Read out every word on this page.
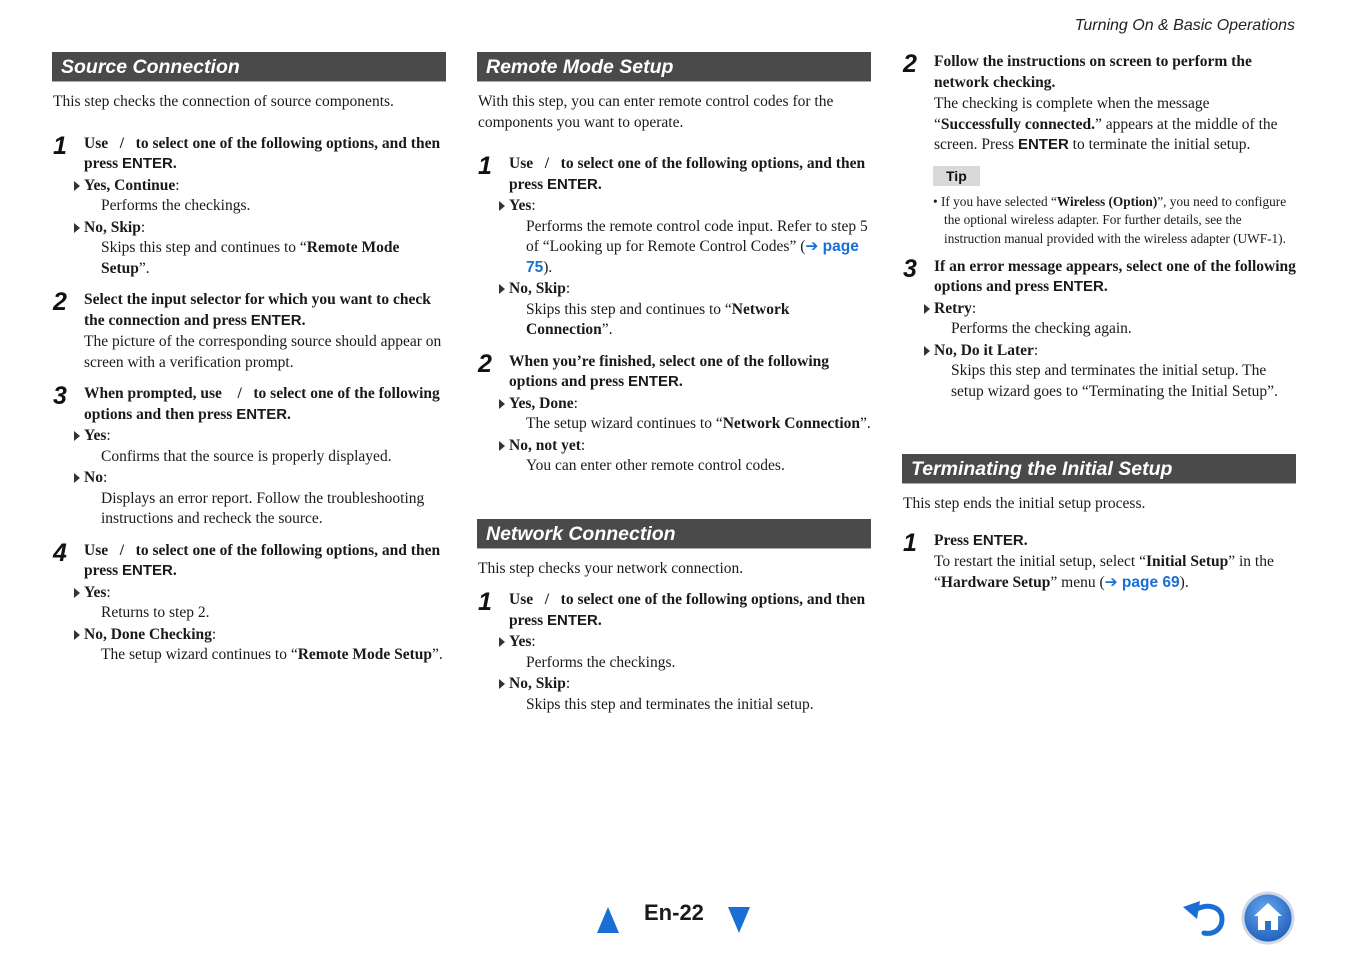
Turning On & Basic Operations
Source Connection
This step checks the connection of source components.
1 Use / to select one of the following options, and then press ENTER.
Yes, Continue:
Performs the checkings.
No, Skip:
Skips this step and continues to “Remote Mode Setup”.
2 Select the input selector for which you want to check the connection and press ENTER.
The picture of the corresponding source should appear on screen with a verification prompt.
3 When prompted, use / to select one of the following options and then press ENTER.
Yes:
Confirms that the source is properly displayed.
No:
Displays an error report. Follow the troubleshooting instructions and recheck the source.
4 Use / to select one of the following options, and then press ENTER.
Yes:
Returns to step 2.
No, Done Checking:
The setup wizard continues to “Remote Mode Setup”.
Remote Mode Setup
With this step, you can enter remote control codes for the components you want to operate.
1 Use / to select one of the following options, and then press ENTER.
Yes:
Performs the remote control code input. Refer to step 5 of “Looking up for Remote Control Codes” (➔ page 75).
No, Skip:
Skips this step and continues to “Network Connection”.
2 When you’re finished, select one of the following options and press ENTER.
Yes, Done:
The setup wizard continues to “Network Connection”.
No, not yet:
You can enter other remote control codes.
Network Connection
This step checks your network connection.
1 Use / to select one of the following options, and then press ENTER.
Yes:
Performs the checkings.
No, Skip:
Skips this step and terminates the initial setup.
2 Follow the instructions on screen to perform the network checking.
The checking is complete when the message “Successfully connected.” appears at the middle of the screen. Press ENTER to terminate the initial setup.
Tip
• If you have selected “Wireless (Option)”, you need to configure the optional wireless adapter. For further details, see the instruction manual provided with the wireless adapter (UWF-1).
3 If an error message appears, select one of the following options and press ENTER.
Retry:
Performs the checking again.
No, Do it Later:
Skips this step and terminates the initial setup. The setup wizard goes to “Terminating the Initial Setup”.
Terminating the Initial Setup
This step ends the initial setup process.
1 Press ENTER.
To restart the initial setup, select “Initial Setup” in the “Hardware Setup” menu (➔ page 69).
En-22
